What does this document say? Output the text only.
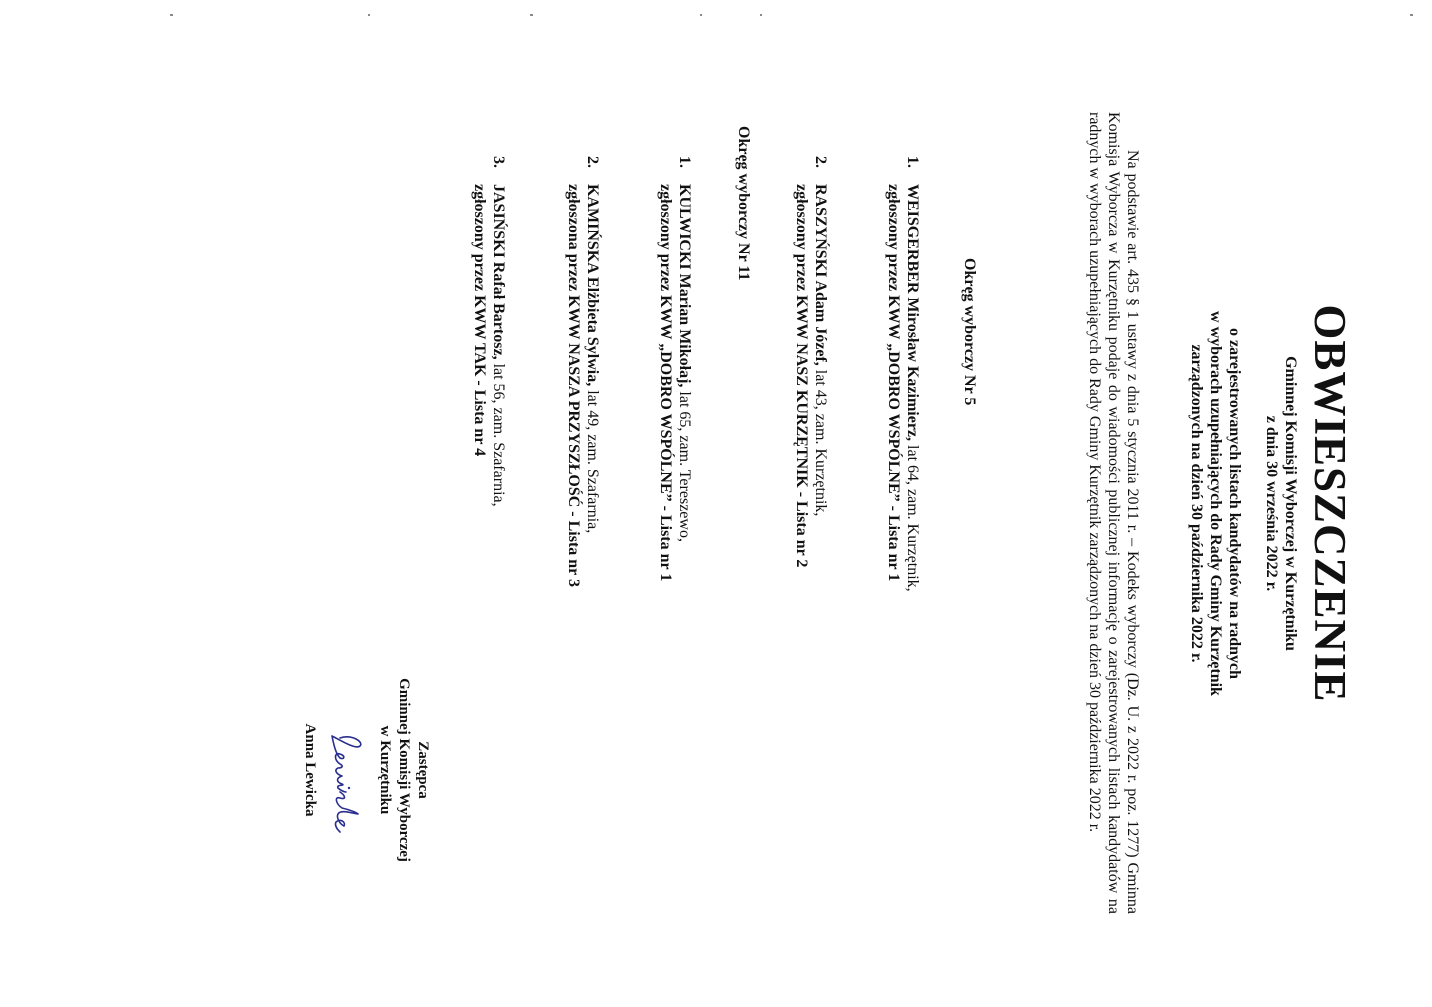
OBWIESZCZENIE
Gminnej Komisji Wyborczej w Kurzętniku
z dnia 30 września 2022 r.
o zarejestrowanych listach kandydatów na radnych
w wyborach uzupełniających do Rady Gminy Kurzętnik
zarządzonych na dzień 30 października 2022 r.

Na podstawie art. 435 § 1 ustawy z dnia 5 stycznia 2011 r. – Kodeks wyborczy (Dz. U. z 2022 r. poz. 1277) Gminna Komisja Wyborcza w Kurzętniku podaje do wiadomości publicznej informację o zarejestrowanych listach kandydatów na radnych w wyborach uzupełniających do Rady Gminy Kurzętnik zarządzonych na dzień 30 października 2022 r.

Okręg wyborczy Nr 5
1.
WEISGERBER Mirosław Kazimierz, lat 64, zam. Kurzętnik,
zgłoszony przez KWW „DOBRO WSPÓLNE” - Lista nr 1
2.
RASZYŃSKI Adam Józef, lat 43, zam. Kurzętnik,
zgłoszony przez KWW NASZ KURZĘTNIK - Lista nr 2
Okręg wyborczy Nr 11
1.
KULWICKI Marian Mikołaj, lat 65, zam. Tereszewo,
zgłoszony przez KWW „DOBRO WSPÓLNE” - Lista nr 1
2.
KAMIŃSKA Elżbieta Sylwia, lat 49, zam. Szafarnia,
zgłoszona przez KWW NASZA PRZYSZŁOŚĆ - Lista nr 3
3.
JASIŃSKI Rafał Bartosz, lat 56, zam. Szafarnia,
zgłoszony przez KWW TAK - Lista nr 4
Zastępca
Gminnej Komisji Wyborczej
w Kurzętniku
Anna Lewicka
